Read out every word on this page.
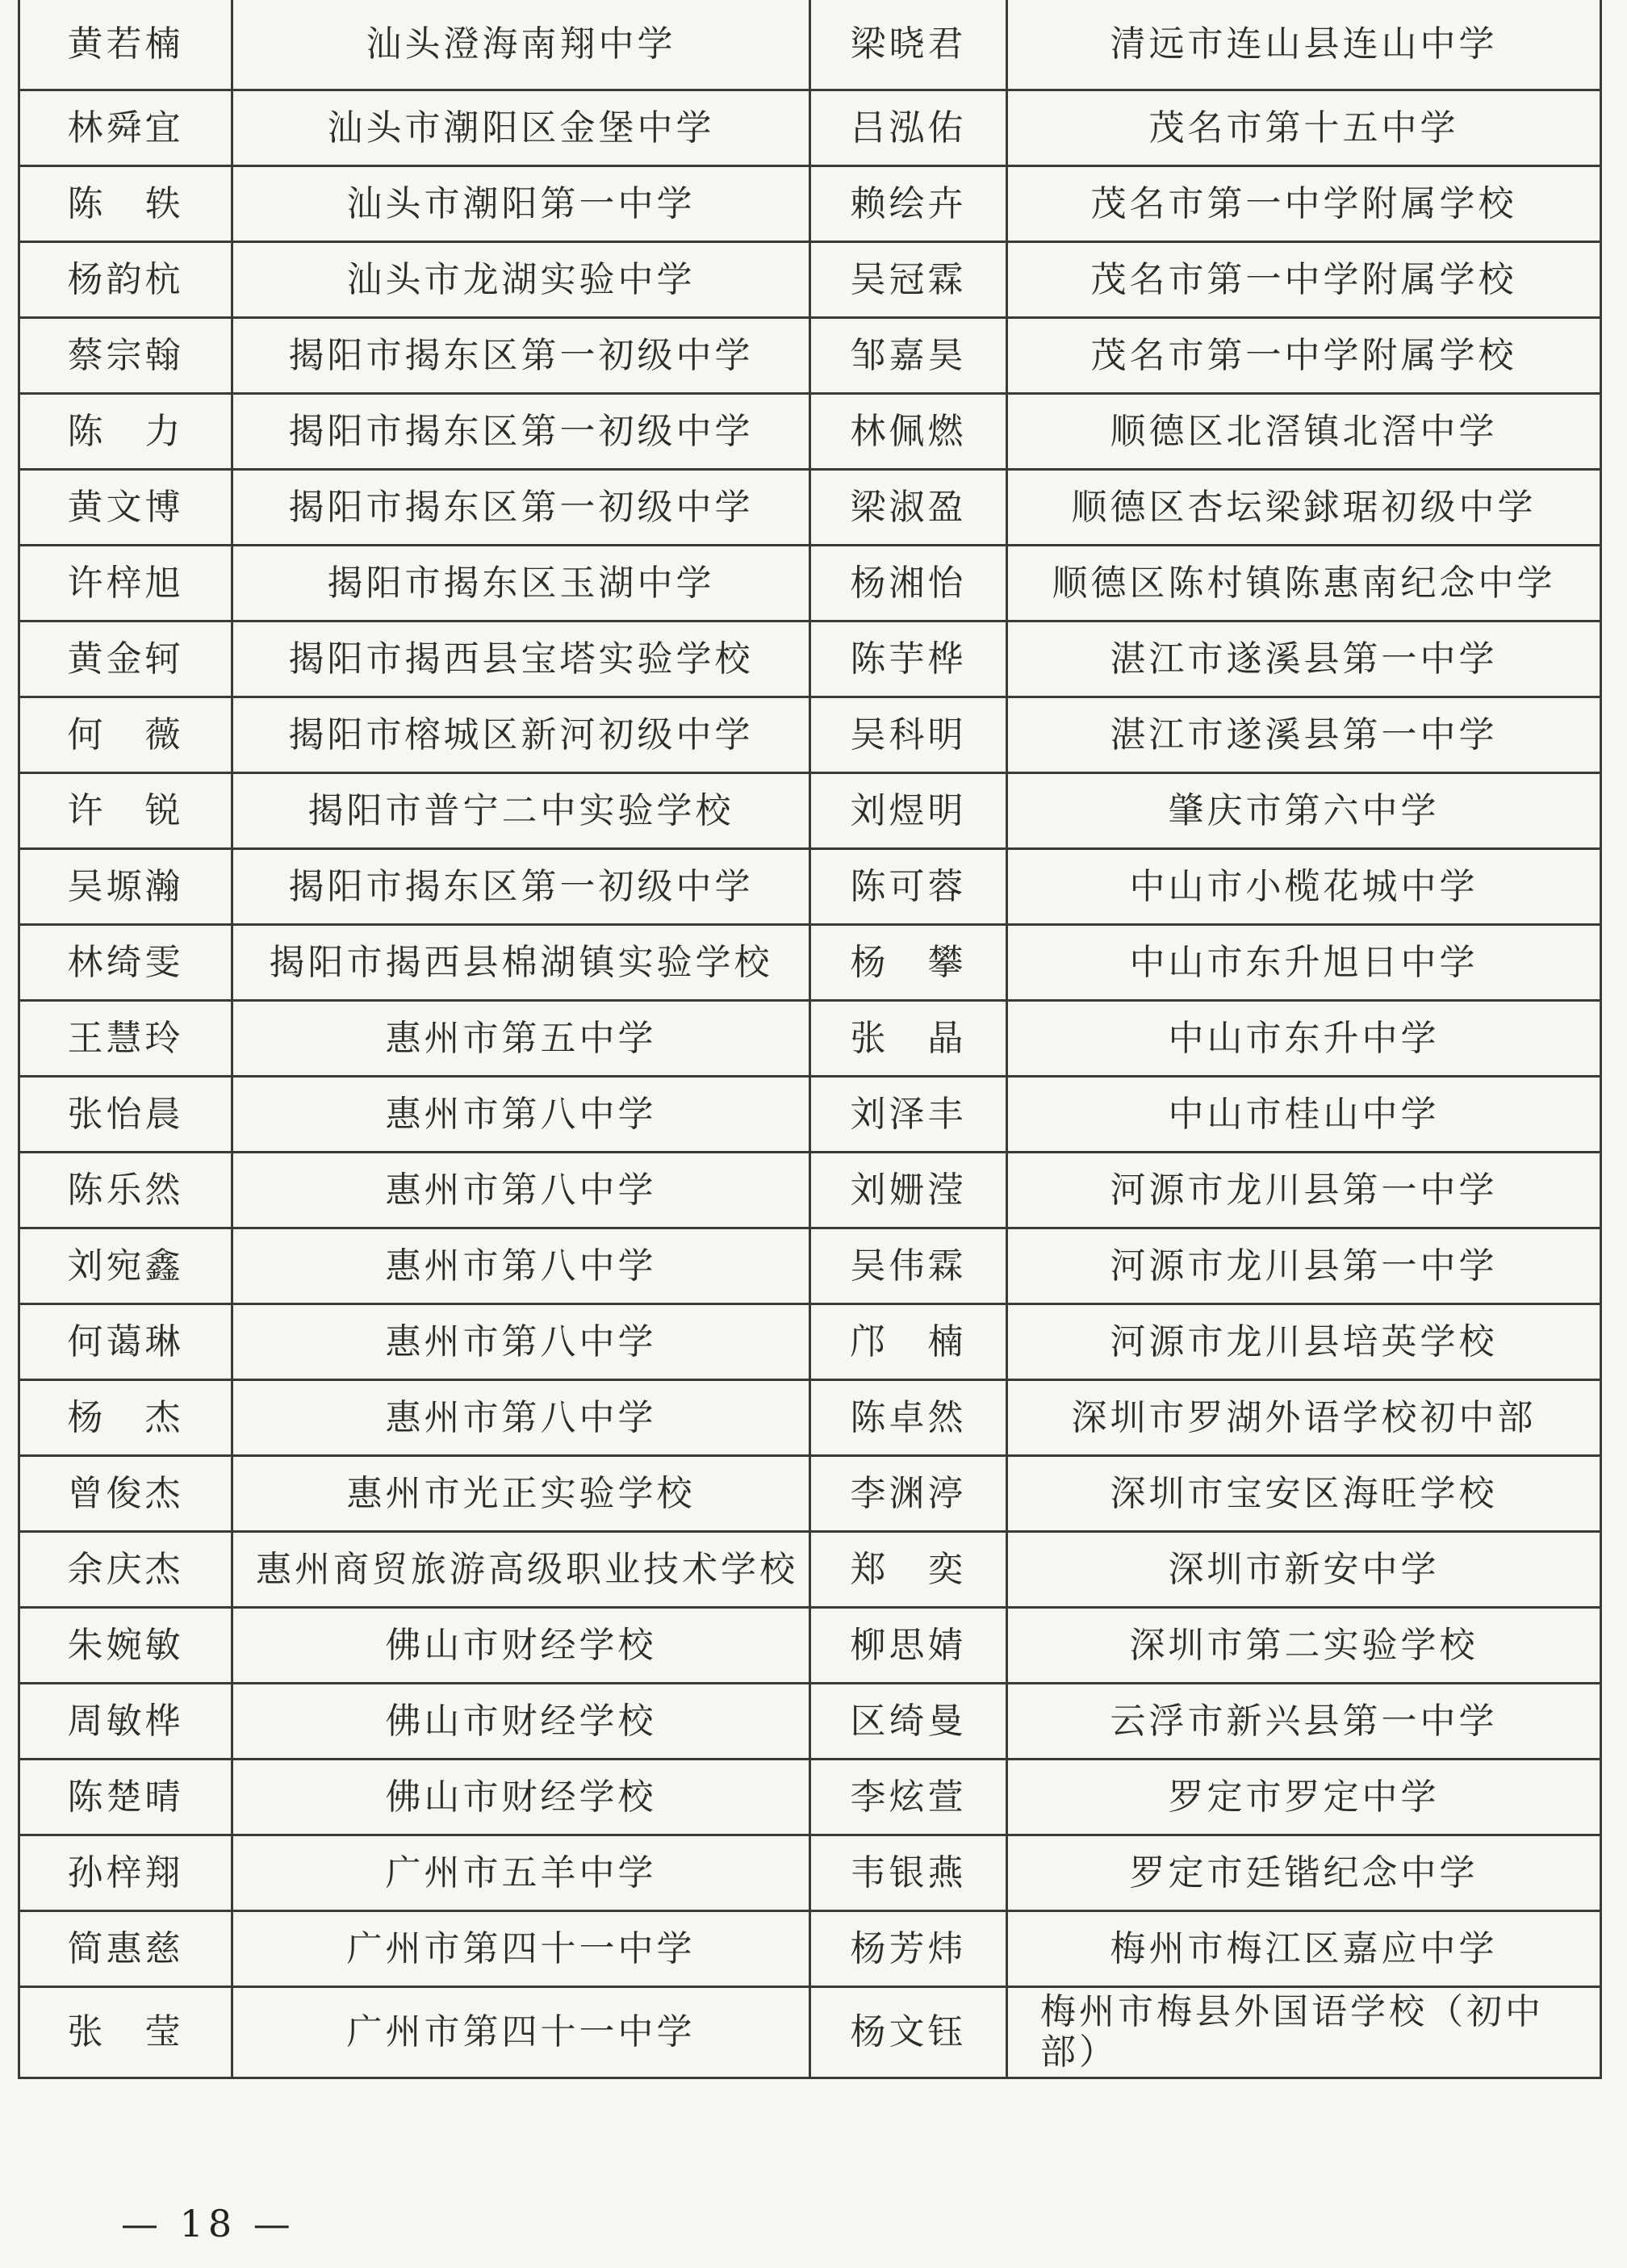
黄若楠	汕头澄海南翔中学	梁晓君	清远市连山县连山中学
林舜宜	汕头市潮阳区金堡中学	吕泓佑	茂名市第十五中学
陈　轶	汕头市潮阳第一中学	赖绘卉	茂名市第一中学附属学校
杨韵杭	汕头市龙湖实验中学	吴冠霖	茂名市第一中学附属学校
蔡宗翰	揭阳市揭东区第一初级中学	邹嘉昊	茂名市第一中学附属学校
陈　力	揭阳市揭东区第一初级中学	林佩燃	顺德区北滘镇北滘中学
黄文博	揭阳市揭东区第一初级中学	梁淑盈	顺德区杏坛梁銶琚初级中学
许梓旭	揭阳市揭东区玉湖中学	杨湘怡	顺德区陈村镇陈惠南纪念中学
黄金轲	揭阳市揭西县宝塔实验学校	陈芋桦	湛江市遂溪县第一中学
何　薇	揭阳市榕城区新河初级中学	吴科明	湛江市遂溪县第一中学
许　锐	揭阳市普宁二中实验学校	刘煜明	肇庆市第六中学
吴塬瀚	揭阳市揭东区第一初级中学	陈可蓉	中山市小榄花城中学
林绮雯	揭阳市揭西县棉湖镇实验学校	杨　攀	中山市东升旭日中学
王慧玲	惠州市第五中学	张　晶	中山市东升中学
张怡晨	惠州市第八中学	刘泽丰	中山市桂山中学
陈乐然	惠州市第八中学	刘姗滢	河源市龙川县第一中学
刘宛鑫	惠州市第八中学	吴伟霖	河源市龙川县第一中学
何蔼琳	惠州市第八中学	邝　楠	河源市龙川县培英学校
杨　杰	惠州市第八中学	陈卓然	深圳市罗湖外语学校初中部
曾俊杰	惠州市光正实验学校	李渊渟	深圳市宝安区海旺学校
余庆杰	惠州商贸旅游高级职业技术学校	郑　奕	深圳市新安中学
朱婉敏	佛山市财经学校	柳思婧	深圳市第二实验学校
周敏桦	佛山市财经学校	区绮曼	云浮市新兴县第一中学
陈楚晴	佛山市财经学校	李炫萱	罗定市罗定中学
孙梓翔	广州市五羊中学	韦银燕	罗定市廷锴纪念中学
简惠慈	广州市第四十一中学	杨芳炜	梅州市梅江区嘉应中学
张　莹	广州市第四十一中学	杨文钰	梅州市梅县外国语学校（初中部）
— 18 —
